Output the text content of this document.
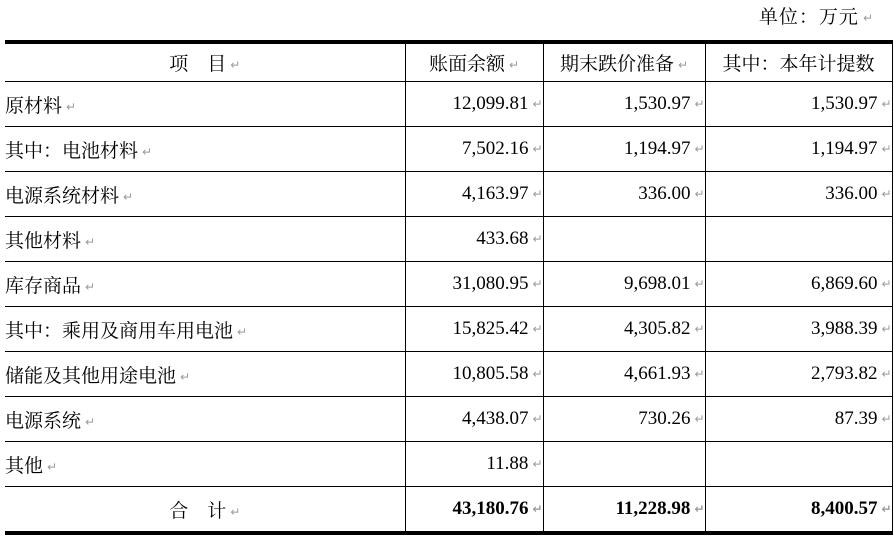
单位：万元 ↵
项　目 ↵	账面余额 ↵	期末跌价准备 ↵	其中：本年计提数
原材料 ↵	12,099.81 ↵	1,530.97 ↵	1,530.97 ↵
其中：电池材料 ↵	7,502.16 ↵	1,194.97 ↵	1,194.97 ↵
电源系统材料 ↵	4,163.97 ↵	336.00 ↵	336.00 ↵
其他材料 ↵	433.68 ↵		
库存商品 ↵	31,080.95 ↵	9,698.01 ↵	6,869.60 ↵
其中：乘用及商用车用电池 ↵	15,825.42 ↵	4,305.82 ↵	3,988.39 ↵
储能及其他用途电池 ↵	10,805.58 ↵	4,661.93 ↵	2,793.82 ↵
电源系统 ↵	4,438.07 ↵	730.26 ↵	87.39 ↵
其他 ↵	11.88 ↵		
合　计 ↵	43,180.76 ↵	11,228.98 ↵	8,400.57 ↵
